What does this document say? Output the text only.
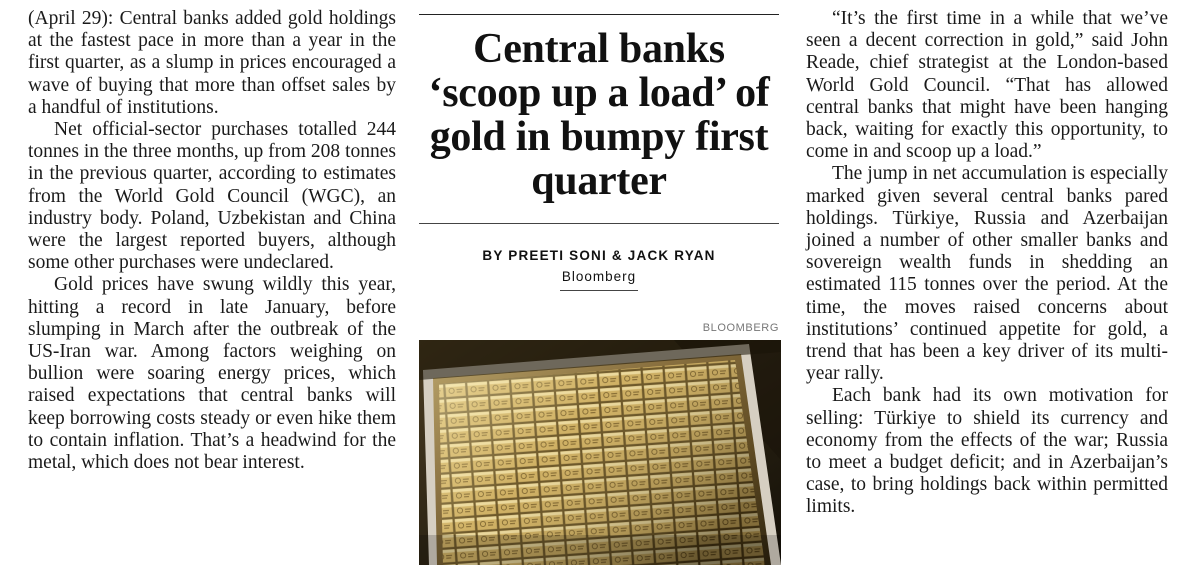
(April 29): Central banks added gold holdings at the fastest pace in more than a year in the first quarter, as a slump in prices encouraged a wave of buying that more than offset sales by a handful of institutions.

Net official-sector purchases totalled 244 tonnes in the three months, up from 208 tonnes in the previous quarter, according to estimates from the World Gold Council (WGC), an industry body. Poland, Uzbekistan and China were the largest reported buyers, although some other purchases were undeclared.

Gold prices have swung wildly this year, hitting a record in late January, before slumping in March after the outbreak of the US-Iran war. Among factors weighing on bullion were soaring energy prices, which raised expectations that central banks will keep borrowing costs steady or even hike them to contain inflation. That’s a headwind for the metal, which does not bear interest.

Central banks ‘scoop up a load’ of gold in bumpy first quarter
BY PREETI SONI & JACK RYAN
Bloomberg
BLOOMBERG

“It’s the first time in a while that we’ve seen a decent correction in gold,” said John Reade, chief strategist at the London-based World Gold Council. “That has allowed central banks that might have been hanging back, waiting for exactly this opportunity, to come in and scoop up a load.”

The jump in net accumulation is especially marked given several central banks pared holdings. Türkiye, Russia and Azerbaijan joined a number of other smaller banks and sovereign wealth funds in shedding an estimated 115 tonnes over the period. At the time, the moves raised concerns about institutions’ continued appetite for gold, a trend that has been a key driver of its multi-year rally.

Each bank had its own motivation for selling: Türkiye to shield its currency and economy from the effects of the war; Russia to meet a budget deficit; and in Azerbaijan’s case, to bring holdings back within permitted limits.
